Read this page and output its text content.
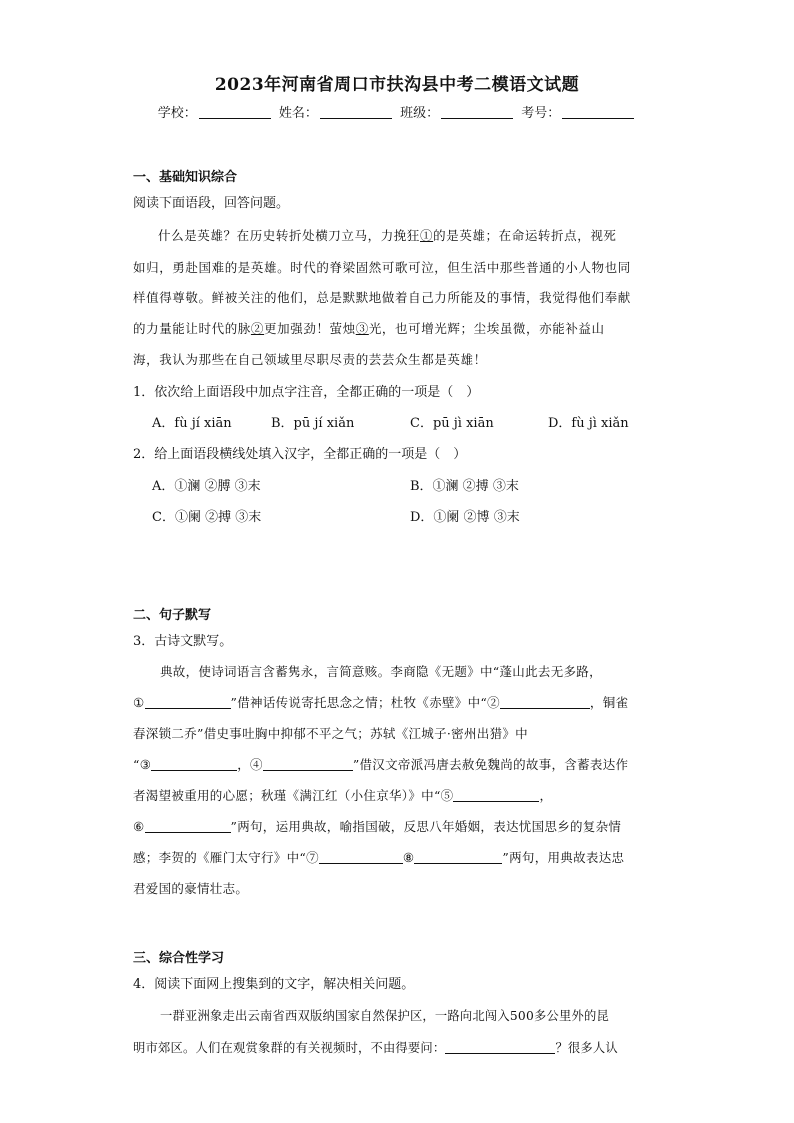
2023年河南省周口市扶沟县中考二模语文试题
学校：	姓名：	班级：	考号：
一、基础知识综合
阅读下面语段，回答问题。
什么是英雄？在历史转折处横刀立马，力挽狂①的是英雄；在命运转折点，视死
如归，勇赴国难的是英雄。时代的脊梁固然可歌可泣，但生活中那些普通的小人物也同
样值得尊敬。鲜被关注的他们，总是默默地做着自己力所能及的事情，我觉得他们奉献
的力量能让时代的脉②更加强劲！萤烛③光，也可增光辉；尘埃虽微，亦能补益山
海，我认为那些在自己领域里尽职尽责的芸芸众生都是英雄！
1．依次给上面语段中加点字注音，全都正确的一项是（　）
A．fù jí xiān	B．pū jí xiǎn	C．pū jì xiān	D．fù jì xiǎn
2．给上面语段横线处填入汉字，全都正确的一项是（　）
A．①澜 ②膊 ③末	B．①澜 ②搏 ③末
C．①阑 ②搏 ③末	D．①阑 ②博 ③末
二、句子默写
3．古诗文默写。
典故，使诗词语言含蓄隽永，言简意赅。李商隐《无题》中“蓬山此去无多路，
①	”借神话传说寄托思念之情；杜牧《赤壁》中“②	，铜雀
春深锁二乔”借史事吐胸中抑郁不平之气；苏轼《江城子·密州出猎》中
“③	，④	”借汉文帝派冯唐去赦免魏尚的故事，含蓄表达作
者渴望被重用的心愿；秋瑾《满江红（小住京华）》中“⑤	，
⑥	”两句，运用典故，喻指国破，反思八年婚姻，表达忧国思乡的复杂情
感；李贺的《雁门太守行》中“⑦	⑧	”两句，用典故表达忠
君爱国的豪情壮志。
三、综合性学习
4．阅读下面网上搜集到的文字，解决相关问题。
一群亚洲象走出云南省西双版纳国家自然保护区，一路向北闯入500多公里外的昆
明市郊区。人们在观赏象群的有关视频时，不由得要问：	？很多人认
